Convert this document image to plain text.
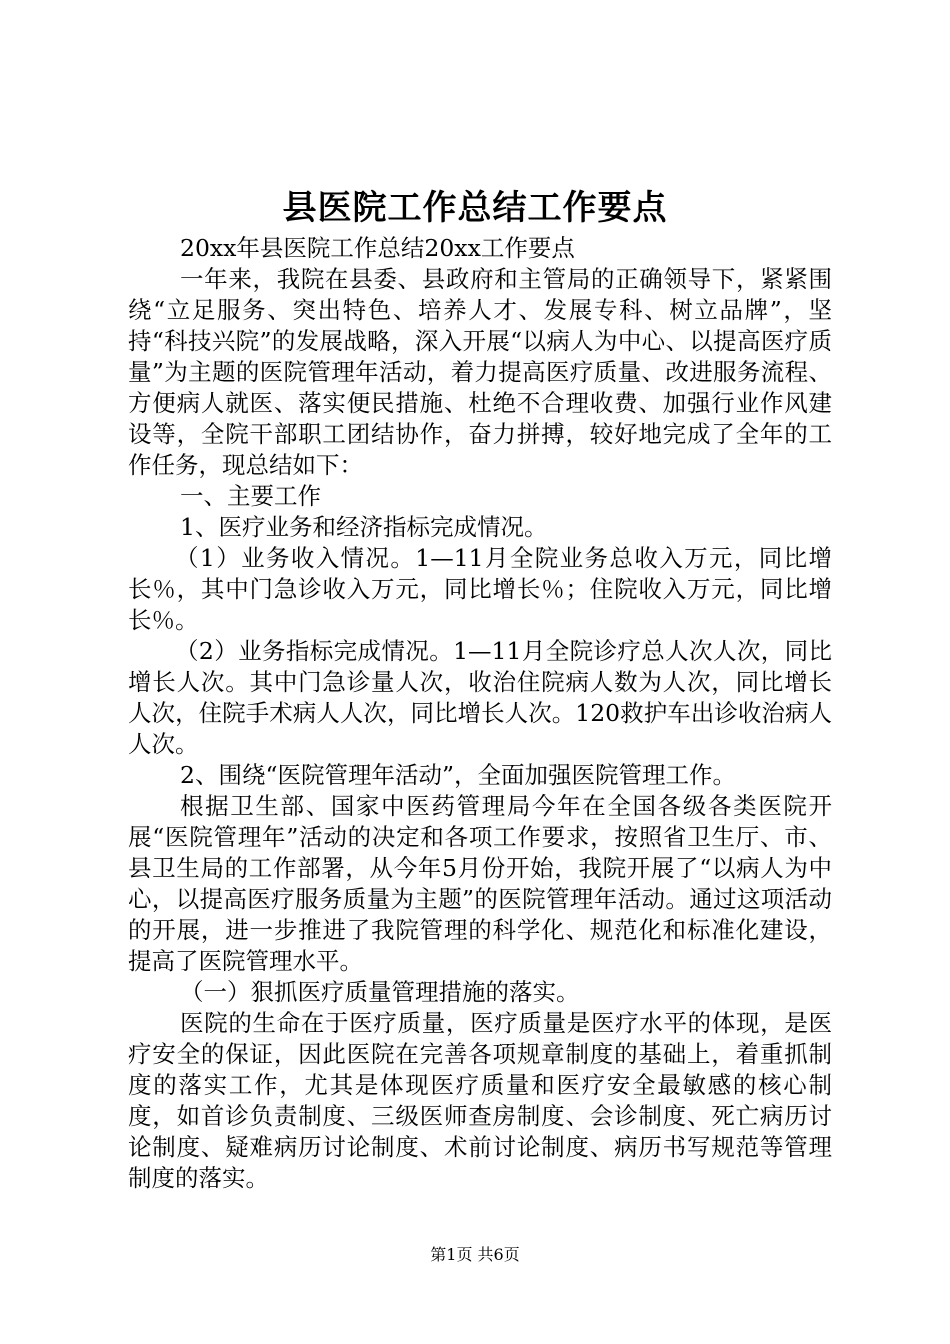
县医院工作总结工作要点

20xx年县医院工作总结20xx工作要点

一年来，我院在县委、县政府和主管局的正确领导下，紧紧围绕“立足服务、突出特色、培养人才、发展专科、树立品牌”，坚持“科技兴院”的发展战略，深入开展“以病人为中心、以提高医疗质量”为主题的医院管理年活动，着力提高医疗质量、改进服务流程、方便病人就医、落实便民措施、杜绝不合理收费、加强行业作风建设等，全院干部职工团结协作，奋力拼搏，较好地完成了全年的工作任务，现总结如下：

一、主要工作

1、医疗业务和经济指标完成情况。

（1）业务收入情况。1—11月全院业务总收入万元，同比增长％，其中门急诊收入万元，同比增长％；住院收入万元，同比增长％。

（2）业务指标完成情况。1—11月全院诊疗总人次人次，同比增长人次。其中门急诊量人次，收治住院病人数为人次，同比增长人次，住院手术病人人次，同比增长人次。120救护车出诊收治病人人次。

2、围绕“医院管理年活动”，全面加强医院管理工作。

根据卫生部、国家中医药管理局今年在全国各级各类医院开展“医院管理年”活动的决定和各项工作要求，按照省卫生厅、市、县卫生局的工作部署，从今年5月份开始，我院开展了“以病人为中心，以提高医疗服务质量为主题”的医院管理年活动。通过这项活动的开展，进一步推进了我院管理的科学化、规范化和标准化建设，提高了医院管理水平。

（一）狠抓医疗质量管理措施的落实。

医院的生命在于医疗质量，医疗质量是医疗水平的体现，是医疗安全的保证，因此医院在完善各项规章制度的基础上，着重抓制度的落实工作，尤其是体现医疗质量和医疗安全最敏感的核心制度，如首诊负责制度、三级医师查房制度、会诊制度、死亡病历讨论制度、疑难病历讨论制度、术前讨论制度、病历书写规范等管理制度的落实。

第1页 共6页
